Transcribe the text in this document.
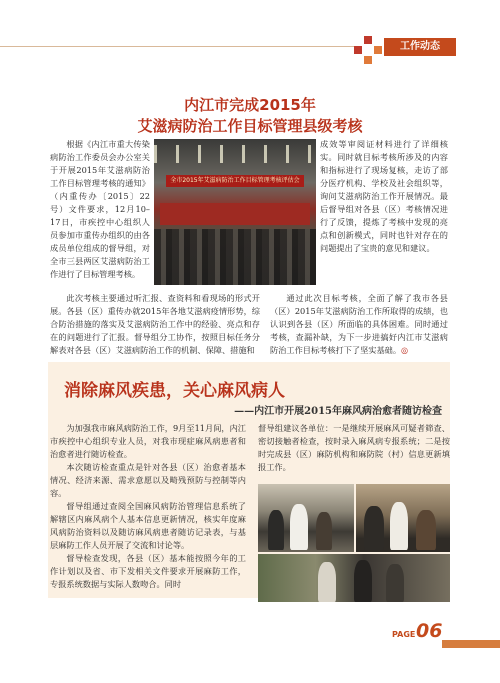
工作动态
内江市完成2015年
艾滋病防治工作目标管理县级考核

根据《内江市重大传染病防治工作委员会办公室关于开展2015年艾滋病防治工作目标管理考核的通知》（内重传办〔2015〕22号）文件要求，12月10–17日，市疾控中心组织人员参加市重传办组织的由各成员单位组成的督导组，对全市三县两区艾滋病防治工作进行了目标管理考核。

全市2015年艾滋病防治工作目标管理考核评估会
成效等审阅证材料进行了详细核实。同时就目标考核所涉及的内容和指标进行了现场复核，走访了部分医疗机构、学校及社会组织等，询问艾滋病防治工作开展情况。最后督导组对各县（区）考核情况进行了反馈，提炼了考核中发现的亮点和创新模式，同时也针对存在的问题提出了宝贵的意见和建议。

此次考核主要通过听汇报、查资料和看现场的形式开展。各县（区）重传办就2015年各地艾滋病疫情形势，综合防治措施的落实及艾滋病防治工作中的经验、亮点和存在的问题进行了汇报。督导组分工协作，按照目标任务分解表对各县（区）艾滋病防治工作的机制、保障、措施和

通过此次目标考核，全面了解了我市各县（区）2015年艾滋病防治工作所取得的成绩，也认识到各县（区）所面临的具体困难。同时通过考核，查漏补缺，为下一步进搞好内江市艾滋病防治工作目标考核打下了坚实基础。◎

消除麻风疾患，关心麻风病人
——内江市开展2015年麻风病治愈者随访检查

为加强我市麻风病防治工作，9月至11月间，内江市疾控中心组织专业人员，对我市现症麻风病患者和治愈者进行随访检查。

本次随访检查重点是针对各县（区）治愈者基本情况、经济来源、需求意愿以及畸残预防与控制等内容。

督导组通过查阅全国麻风病防治管理信息系统了解辖区内麻风病个人基本信息更新情况，核实年度麻风病防治资料以及随访麻风病患者随访记录表，与基层麻防工作人员开展了交流和讨论等。

督导检查发现，各县（区）基本能按照今年的工作计划以及省、市下发相关文件要求开展麻防工作，专报系统数据与实际人数吻合。同时

督导组建议各单位：一是继续开展麻风可疑者筛查、密切接触者检查，按时录入麻风病专报系统；二是按时完成县（区）麻防机构和麻防院（村）信息更新填报工作。
PAGE 06
